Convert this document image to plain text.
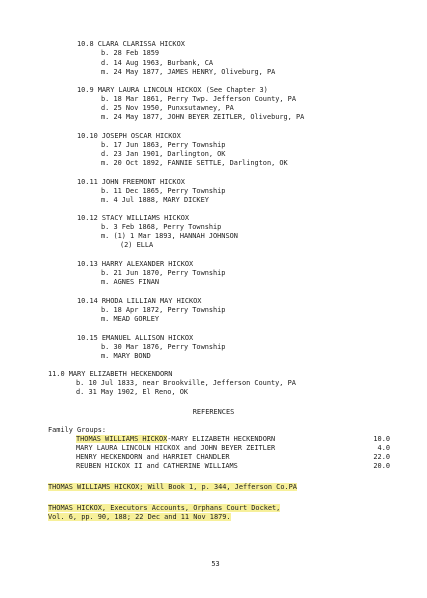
10.8 CLARA CLARISSA HICKOX
b. 28 Feb 1859
d. 14 Aug 1963, Burbank, CA
m. 24 May 1877, JAMES HENRY, Oliveburg, PA
10.9 MARY LAURA LINCOLN HICKOX (See Chapter 3)
b. 18 Mar 1861, Perry Twp. Jefferson County, PA
d. 25 Nov 1950, Punxsutawney, PA
m. 24 May 1877, JOHN BEYER ZEITLER, Oliveburg, PA
10.10 JOSEPH OSCAR HICKOX
b. 17 Jun 1863, Perry Township
d. 23 Jan 1901, Darlington, OK
m. 20 Oct 1892, FANNIE SETTLE, Darlington, OK
10.11 JOHN FREEMONT HICKOX
b. 11 Dec 1865, Perry Township
m. 4 Jul 1888, MARY DICKEY
10.12 STACY WILLIAMS HICKOX
b. 3 Feb 1868, Perry Township
m. (1) 1 Mar 1893, HANNAH JOHNSON
(2) ELLA
10.13 HARRY ALEXANDER HICKOX
b. 21 Jun 1870, Perry Township
m. AGNES FINAN
10.14 RHODA LILLIAN MAY HICKOX
b. 18 Apr 1872, Perry Township
m. MEAD GORLEY
10.15 EMANUEL ALLISON HICKOX
b. 30 Mar 1876, Perry Township
m. MARY BOND
11.0 MARY ELIZABETH HECKENDORN
b. 10 Jul 1833, near Brookville, Jefferson County, PA
d. 31 May 1902, El Reno, OK
REFERENCES
Family Groups:
THOMAS WILLIAMS HICKOX-MARY ELIZABETH HECKENDORN	10.0
MARY LAURA LINCOLN HICKOX and JOHN BEYER ZEITLER	4.0
HENRY HECKENDORN and HARRIET CHANDLER	22.0
REUBEN HICKOX II and CATHERINE WILLIAMS	20.0
THOMAS WILLIAMS HICKOX; Will Book 1, p. 344, Jefferson Co.PA
THOMAS HICKOX, Executors Accounts, Orphans Court Docket,
Vol. 6, pp. 90, 188; 22 Dec and 11 Nov 1879.
53
